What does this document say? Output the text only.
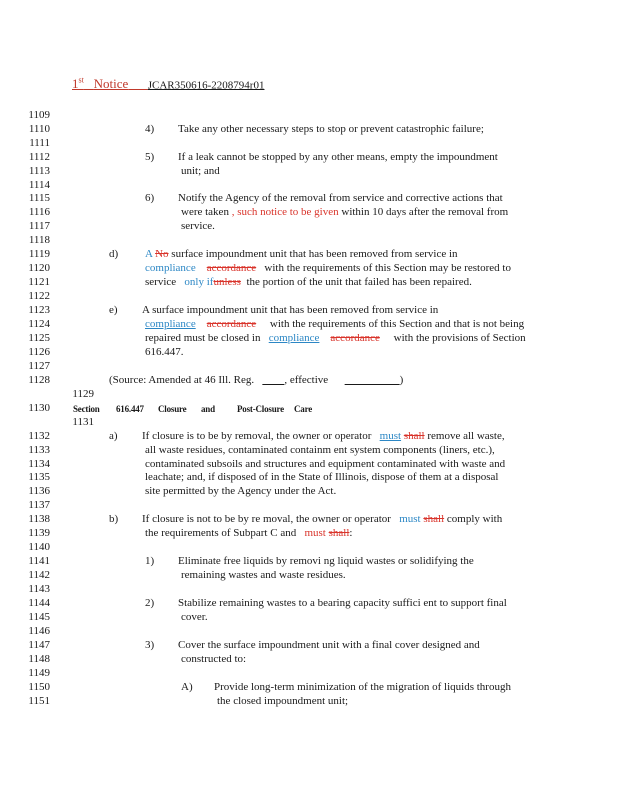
1st Notice JCAR350616-2208794r01
1109
1110
1111
1112
1113
1114
1115
1116
1117
1118
1119
1120
1121
1122
1123
1124
1125
1126
1127
1128
1129
1130
1131
1132
1133
1134
1135
1136
1137
1138
1139
1140
1141
1142
1143
1144
1145
1146
1147
1148
1149
1150
1151
4) Take any other necessary steps to stop or prevent catastrophic failure;
5) If a leak cannot be stopped by any other means, empty the impoundment
unit; and
6) Notify the Agency of the removal from service and corrective actions that
were taken , such notice to be given within 10 days after the removal from
service.
d) A No surface impoundment unit that has been removed from service in
compliance accordance with the requirements of this Section may be restored to
service only ifunless the portion of the unit that failed has been repaired.
e) A surface impoundment unit that has been removed from service in
compliance accordance with the requirements of this Section and that is not being
repaired must be closed in compliance accordance with the provisions of Section
616.447.
(Source: Amended at 46 Ill. Reg.	, effective	)
Section 616.447 Closure and Post-Closure Care
a) If closure is to be by removal, the owner or operator must shall remove all waste,
all waste residues, contaminated containm ent system components (liners, etc.),
contaminated subsoils and structures and equipment contaminated with waste and
leachate; and, if disposed of in the State of Illinois, dispose of them at a disposal
site permitted by the Agency under the Act.
b) If closure is not to be by re moval, the owner or operator must shall comply with
the requirements of Subpart C and must shall:
1) Eliminate free liquids by removi ng liquid wastes or solidifying the
remaining wastes and waste residues.
2) Stabilize remaining wastes to a bearing capacity suffici ent to support final
cover.
3) Cover the surface impoundment unit with a final cover designed and
constructed to:
A) Provide long-term minimization of the migration of liquids through
the closed impoundment unit;
